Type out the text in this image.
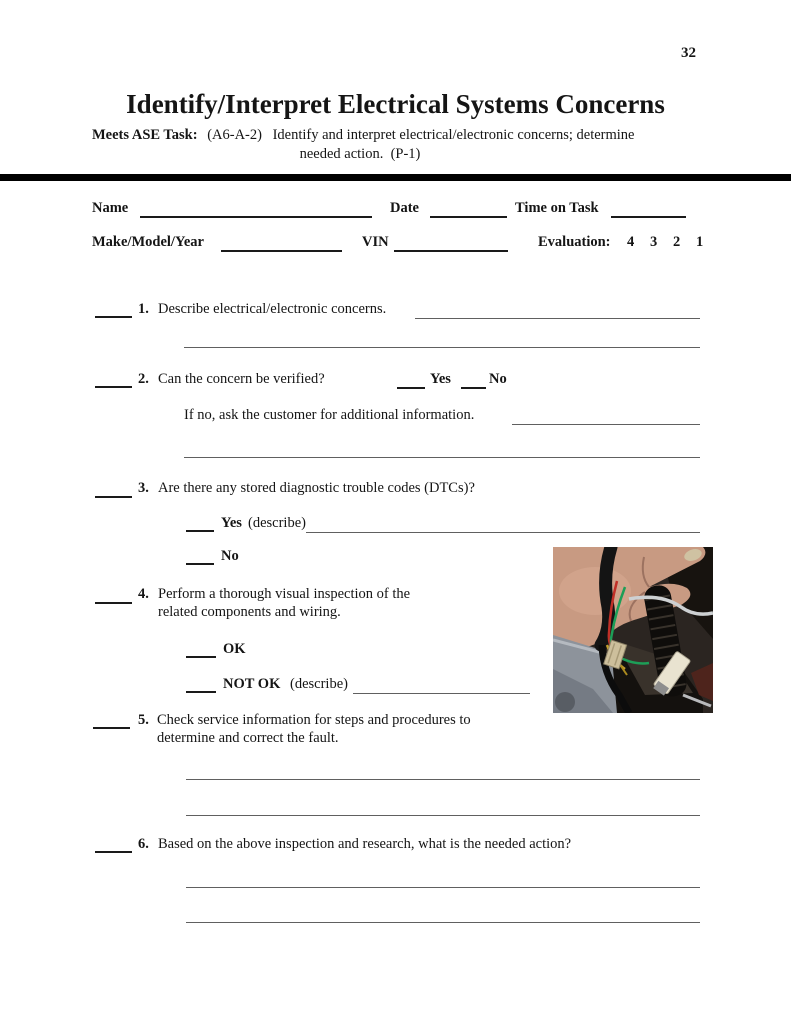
32
Identify/Interpret Electrical Systems Concerns
Meets ASE Task: (A6-A-2) Identify and interpret electrical/electronic concerns; determine
needed action.  (P-1)
Name	Date	Time on Task
Make/Model/Year	VIN	Evaluation: 4 3 2 1
1. Describe electrical/electronic concerns.
2. Can the concern be verified?	Yes	No
If no, ask the customer for additional information.
3. Are there any stored diagnostic trouble codes (DTCs)?
Yes (describe)
No
4. Perform a thorough visual inspection of the
related components and wiring.
OK
NOT OK (describe)
5. Check service information for steps and procedures to
determine and correct the fault.
6. Based on the above inspection and research, what is the needed action?
